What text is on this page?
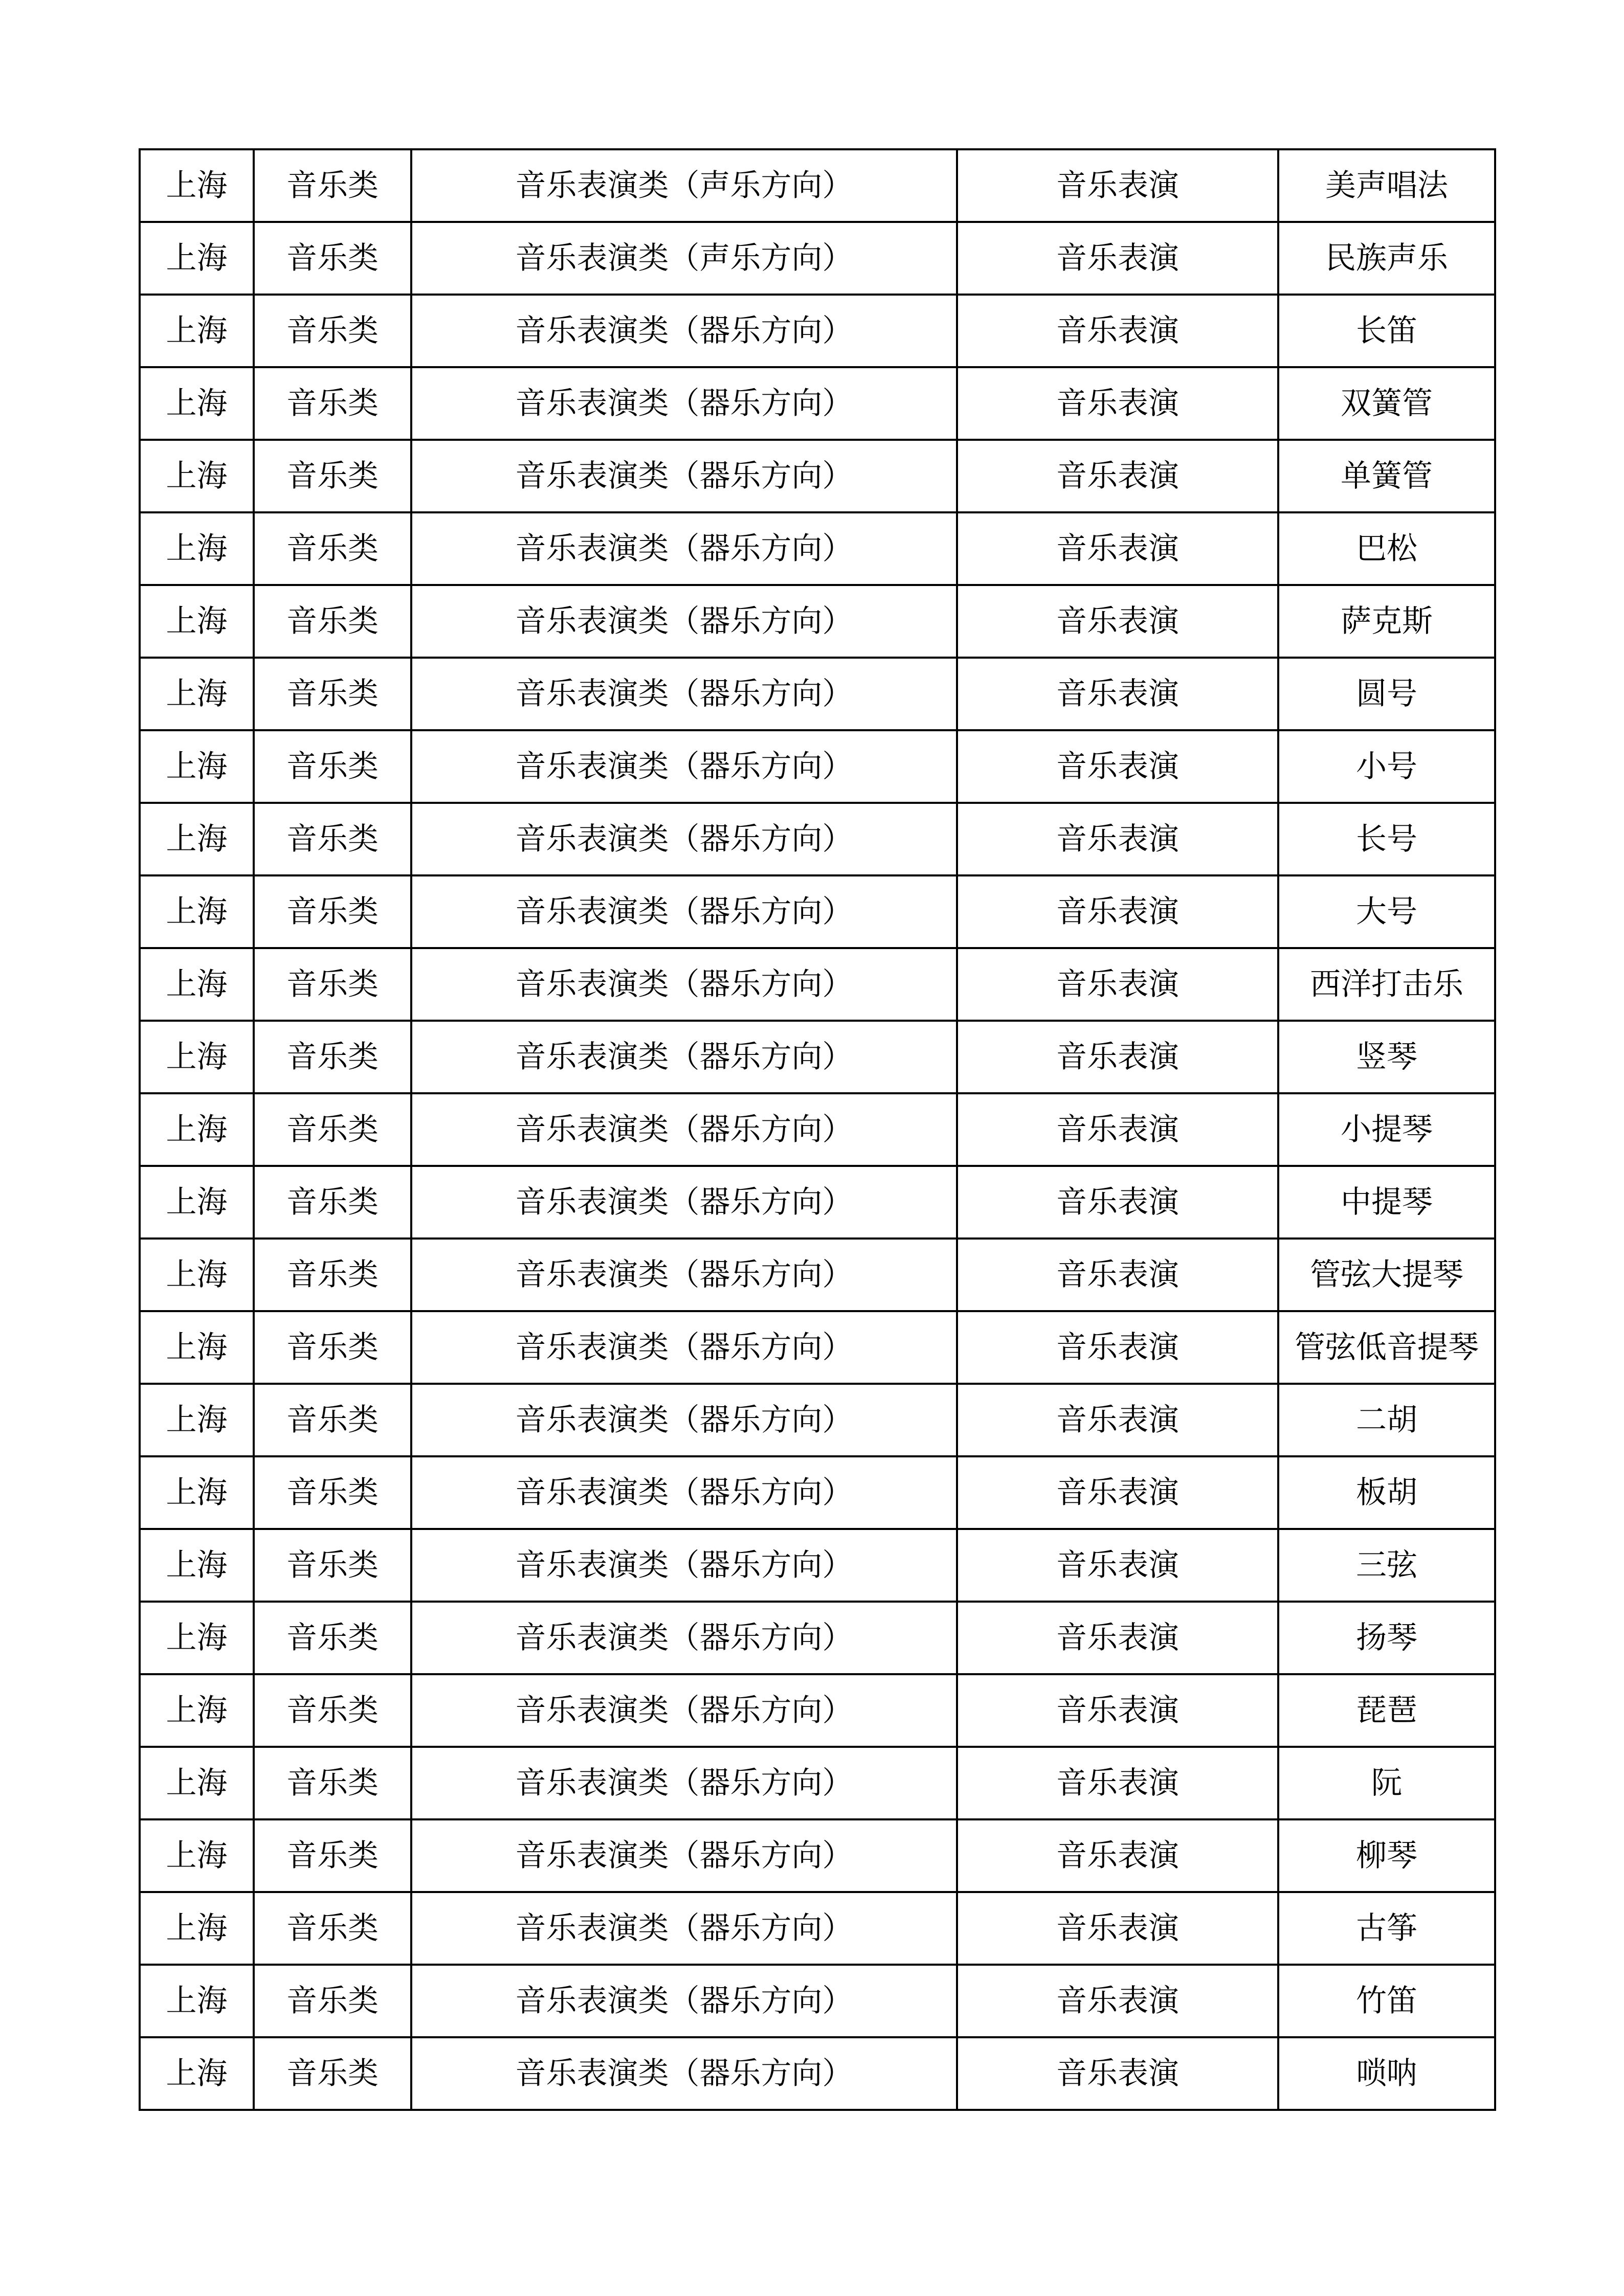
上海	音乐类	音乐表演类（声乐方向）	音乐表演	美声唱法
上海	音乐类	音乐表演类（声乐方向）	音乐表演	民族声乐
上海	音乐类	音乐表演类（器乐方向）	音乐表演	长笛
上海	音乐类	音乐表演类（器乐方向）	音乐表演	双簧管
上海	音乐类	音乐表演类（器乐方向）	音乐表演	单簧管
上海	音乐类	音乐表演类（器乐方向）	音乐表演	巴松
上海	音乐类	音乐表演类（器乐方向）	音乐表演	萨克斯
上海	音乐类	音乐表演类（器乐方向）	音乐表演	圆号
上海	音乐类	音乐表演类（器乐方向）	音乐表演	小号
上海	音乐类	音乐表演类（器乐方向）	音乐表演	长号
上海	音乐类	音乐表演类（器乐方向）	音乐表演	大号
上海	音乐类	音乐表演类（器乐方向）	音乐表演	西洋打击乐
上海	音乐类	音乐表演类（器乐方向）	音乐表演	竖琴
上海	音乐类	音乐表演类（器乐方向）	音乐表演	小提琴
上海	音乐类	音乐表演类（器乐方向）	音乐表演	中提琴
上海	音乐类	音乐表演类（器乐方向）	音乐表演	管弦大提琴
上海	音乐类	音乐表演类（器乐方向）	音乐表演	管弦低音提琴
上海	音乐类	音乐表演类（器乐方向）	音乐表演	二胡
上海	音乐类	音乐表演类（器乐方向）	音乐表演	板胡
上海	音乐类	音乐表演类（器乐方向）	音乐表演	三弦
上海	音乐类	音乐表演类（器乐方向）	音乐表演	扬琴
上海	音乐类	音乐表演类（器乐方向）	音乐表演	琵琶
上海	音乐类	音乐表演类（器乐方向）	音乐表演	阮
上海	音乐类	音乐表演类（器乐方向）	音乐表演	柳琴
上海	音乐类	音乐表演类（器乐方向）	音乐表演	古筝
上海	音乐类	音乐表演类（器乐方向）	音乐表演	竹笛
上海	音乐类	音乐表演类（器乐方向）	音乐表演	唢呐
